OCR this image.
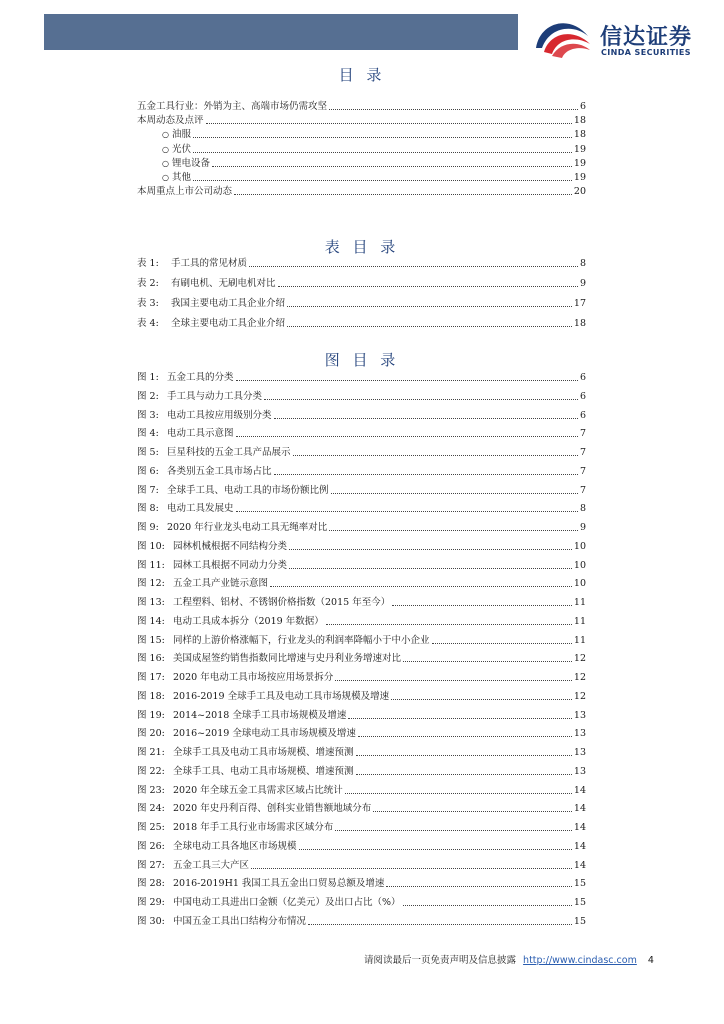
信达证券
CINDA SECURITIES
目 录
五金工具行业：外销为主、高端市场仍需攻坚	6
本周动态及点评	18
○ 油服	18
○ 光伏	19
○ 锂电设备	19
○ 其他	19
本周重点上市公司动态	20
表 目 录
表 1:	手工具的常见材质	8
表 2:	有刷电机、无刷电机对比	9
表 3:	我国主要电动工具企业介绍	17
表 4:	全球主要电动工具企业介绍	18
图 目 录
图 1: 五金工具的分类	6
图 2: 手工具与动力工具分类	6
图 3: 电动工具按应用级别分类	6
图 4: 电动工具示意图	7
图 5: 巨星科技的五金工具产品展示	7
图 6: 各类别五金工具市场占比	7
图 7: 全球手工具、电动工具的市场份额比例	7
图 8: 电动工具发展史	8
图 9: 2020 年行业龙头电动工具无绳率对比	9
图 10: 园林机械根据不同结构分类	10
图 11: 园林工具根据不同动力分类	10
图 12: 五金工具产业链示意图	10
图 13: 工程塑料、铝材、不锈钢价格指数（2015 年至今）	11
图 14: 电动工具成本拆分（2019 年数据）	11
图 15: 同样的上游价格涨幅下，行业龙头的利润率降幅小于中小企业	11
图 16: 美国成屋签约销售指数同比增速与史丹利业务增速对比	12
图 17: 2020 年电动工具市场按应用场景拆分	12
图 18: 2016-2019 全球手工具及电动工具市场规模及增速	12
图 19: 2014~2018 全球手工具市场规模及增速	13
图 20: 2016~2019 全球电动工具市场规模及增速	13
图 21: 全球手工具及电动工具市场规模、增速预测	13
图 22: 全球手工具、电动工具市场规模、增速预测	13
图 23: 2020 年全球五金工具需求区域占比统计	14
图 24: 2020 年史丹利百得、创科实业销售额地域分布	14
图 25: 2018 年手工具行业市场需求区域分布	14
图 26: 全球电动工具各地区市场规模	14
图 27: 五金工具三大产区	14
图 28: 2016-2019H1 我国工具五金出口贸易总额及增速	15
图 29: 中国电动工具进出口金额（亿美元）及出口占比（%）	15
图 30: 中国五金工具出口结构分布情况	15
请阅读最后一页免责声明及信息披露 http://www.cindasc.com 4
